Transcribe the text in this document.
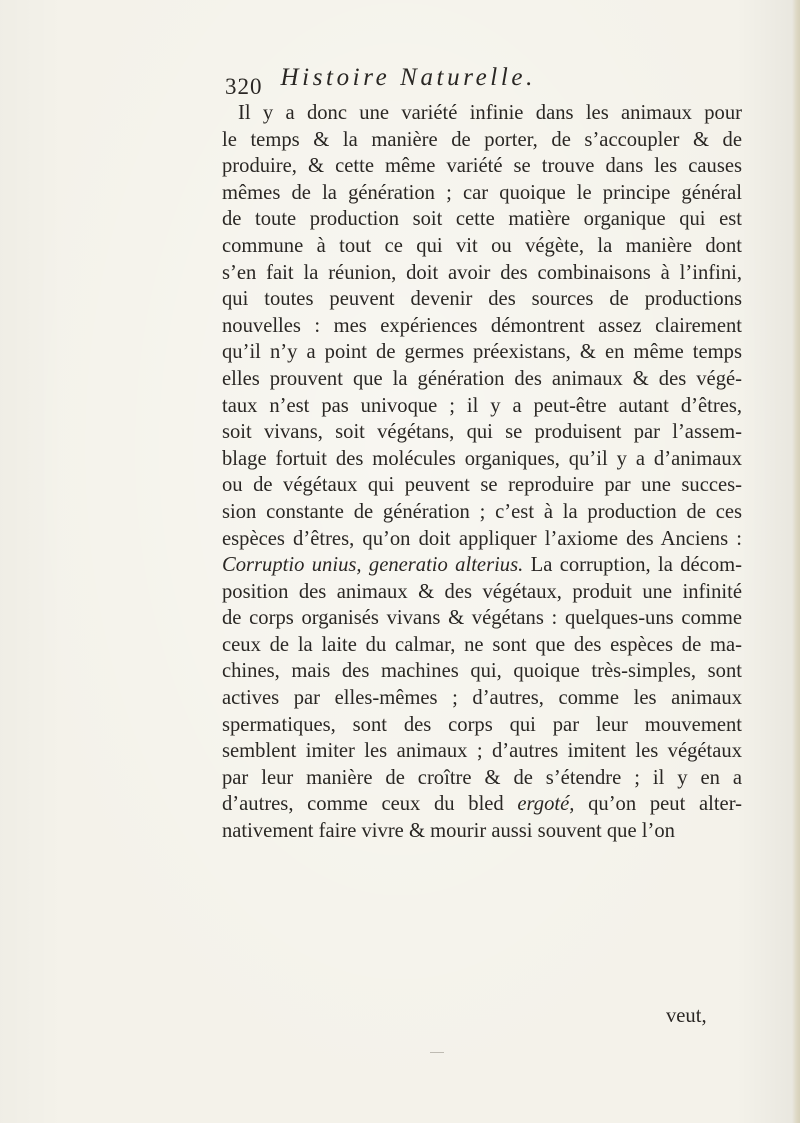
320 Histoire Naturelle.
Il y a donc une variété infinie dans les animaux pour
le temps & la manière de porter, de s’accoupler & de
produire, & cette même variété se trouve dans les causes
mêmes de la génération ; car quoique le principe général
de toute production soit cette matière organique qui est
commune à tout ce qui vit ou végète, la manière dont
s’en fait la réunion, doit avoir des combinaisons à l’infini,
qui toutes peuvent devenir des sources de productions
nouvelles : mes expériences démontrent assez clairement
qu’il n’y a point de germes préexistans, & en même temps
elles prouvent que la génération des animaux & des végé-
taux n’est pas univoque ; il y a peut-être autant d’êtres,
soit vivans, soit végétans, qui se produisent par l’assem-
blage fortuit des molécules organiques, qu’il y a d’animaux
ou de végétaux qui peuvent se reproduire par une succes-
sion constante de génération ; c’est à la production de ces
espèces d’êtres, qu’on doit appliquer l’axiome des Anciens :
Corruptio unius, generatio alterius. La corruption, la décom-
position des animaux & des végétaux, produit une infinité
de corps organisés vivans & végétans : quelques-uns comme
ceux de la laite du calmar, ne sont que des espèces de ma-
chines, mais des machines qui, quoique très-simples, sont
actives par elles-mêmes ; d’autres, comme les animaux
spermatiques, sont des corps qui par leur mouvement
semblent imiter les animaux ; d’autres imitent les végétaux
par leur manière de croître & de s’étendre ; il y en a
d’autres, comme ceux du bled ergoté, qu’on peut alter-
nativement faire vivre & mourir aussi souvent que l’on
veut,
